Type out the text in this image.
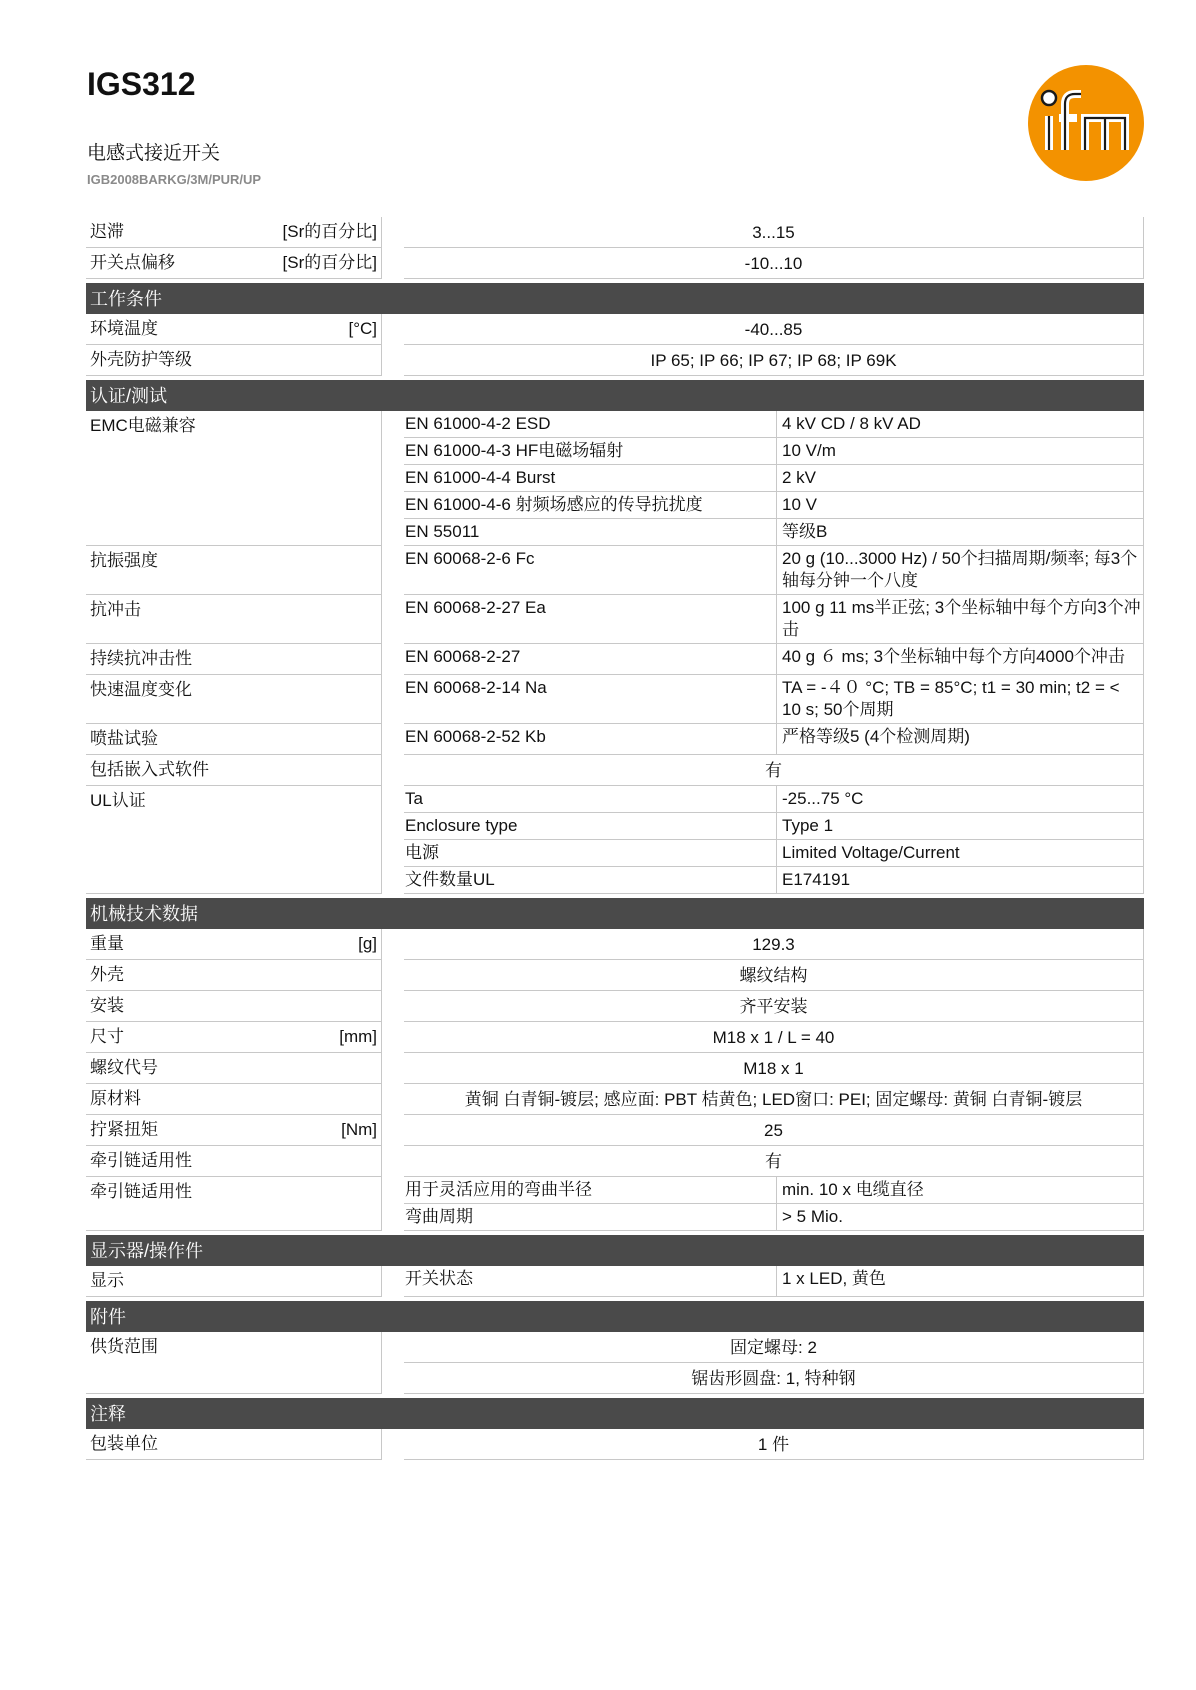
IGS312
电感式接近开关
IGB2008BARKG/3M/PUR/UP
迟滞	[Sr的百分比]	3...15
开关点偏移	[Sr的百分比]	-10...10
工作条件
环境温度	[°C]	-40...85
外壳防护等级	IP 65; IP 66; IP 67; IP 68; IP 69K
认证/测试
EMC电磁兼容	EN 61000-4-2 ESD	4 kV CD / 8 kV AD
EN 61000-4-3 HF电磁场辐射	10 V/m
EN 61000-4-4 Burst	2 kV
EN 61000-4-6 射频场感应的传导抗扰度	10 V
EN 55011	等级B
抗振强度	EN 60068-2-6 Fc	20 g (10...3000 Hz) / 50个扫描周期/频率; 每3个轴每分钟一个八度
抗冲击	EN 60068-2-27 Ea	100 g 11 ms半正弦; 3个坐标轴中每个方向3个冲击
持续抗冲击性	EN 60068-2-27	40 g ６ ms; 3个坐标轴中每个方向4000个冲击
快速温度变化	EN 60068-2-14 Na	TA = -４０ °C; TB = 85°C; t1 = 30 min; t2 = < 10 s; 50个周期
喷盐试验	EN 60068-2-52 Kb	严格等级5 (4个检测周期)
包括嵌入式软件	有
UL认证	Ta	-25...75 °C
Enclosure type	Type 1
电源	Limited Voltage/Current
文件数量UL	E174191
机械技术数据
重量	[g]	129.3
外壳	螺纹结构
安装	齐平安装
尺寸	[mm]	M18 x 1 / L = 40
螺纹代号	M18 x 1
原材料	黄铜 白青铜-镀层; 感应面: PBT 桔黄色; LED窗口: PEI; 固定螺母: 黄铜 白青铜-镀层
拧紧扭矩	[Nm]	25
牵引链适用性	有
牵引链适用性	用于灵活应用的弯曲半径	min. 10 x 电缆直径
弯曲周期	> 5 Mio.
显示器/操作件
显示	开关状态	1 x LED, 黄色
附件
供货范围	固定螺母: 2
锯齿形圆盘: 1, 特种钢
注释
包装单位	1 件
